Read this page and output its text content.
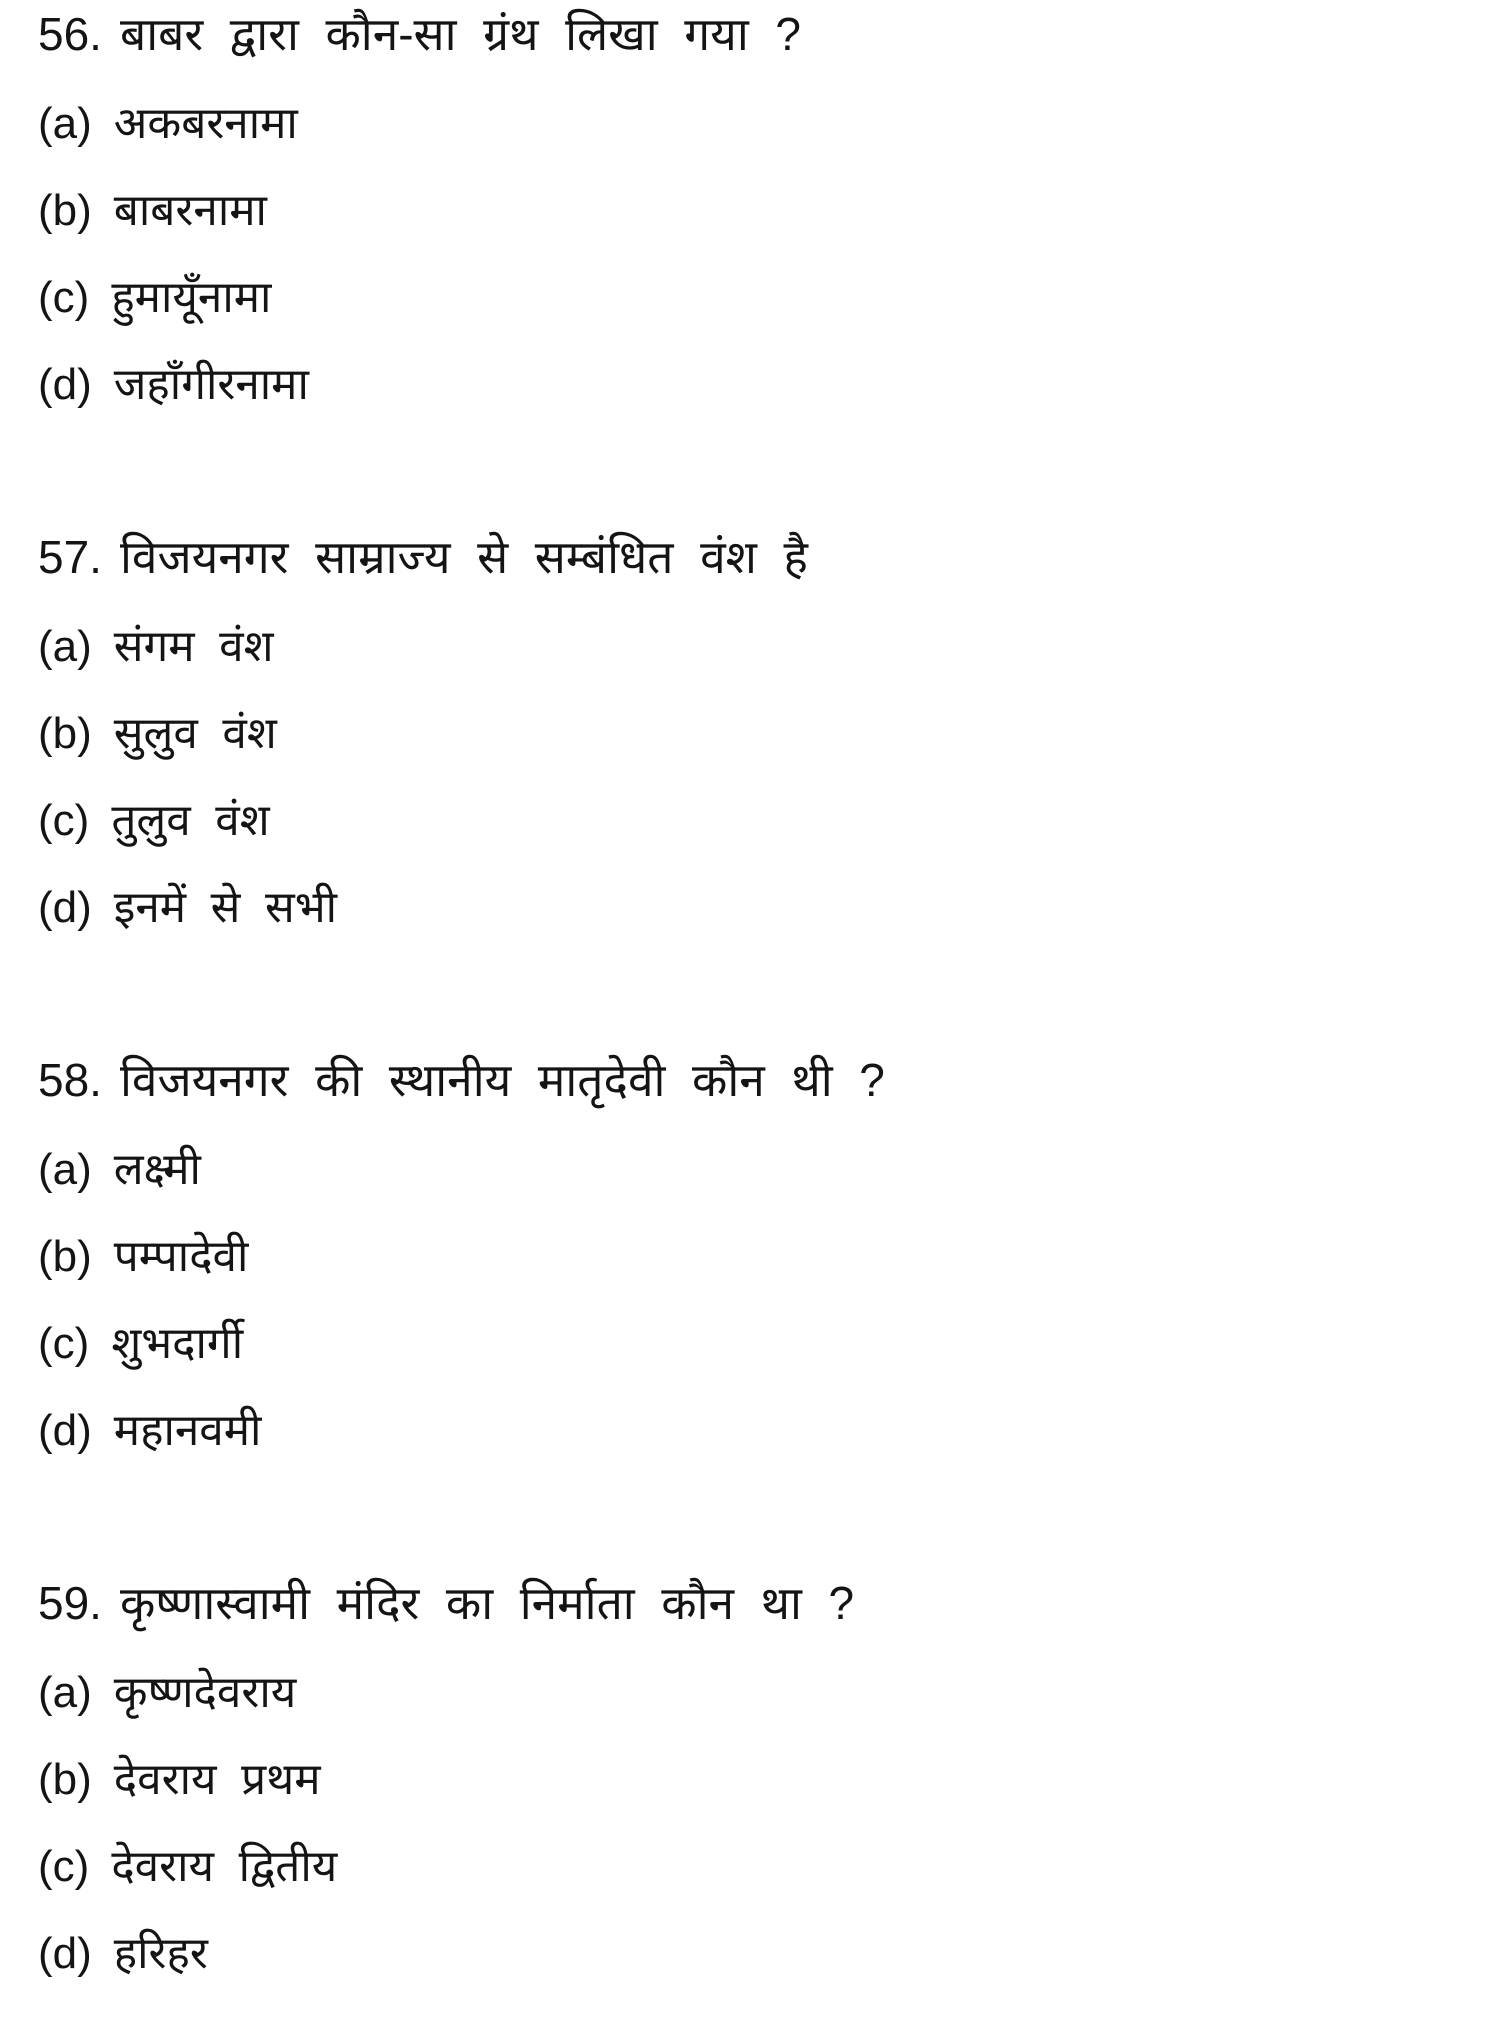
56. बाबर द्वारा कौन-सा ग्रंथ लिखा गया ?
(a) अकबरनामा
(b) बाबरनामा
(c) हुमायूँनामा
(d) जहाँगीरनामा
57. विजयनगर साम्राज्य से सम्बंधित वंश है
(a) संगम वंश
(b) सुलुव वंश
(c) तुलुव वंश
(d) इनमें से सभी
58. विजयनगर की स्थानीय मातृदेवी कौन थी ?
(a) लक्ष्मी
(b) पम्पादेवी
(c) शुभदार्गी
(d) महानवमी
59. कृष्णास्वामी मंदिर का निर्माता कौन था ?
(a) कृष्णदेवराय
(b) देवराय प्रथम
(c) देवराय द्वितीय
(d) हरिहर
